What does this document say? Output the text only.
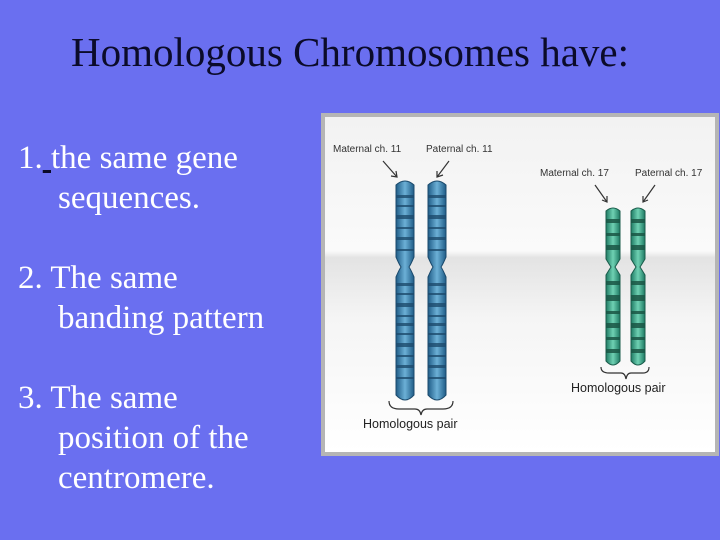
Homologous Chromosomes have:
1. the same gene
sequences.
2. The same
banding pattern
3. The same
position of the
centromere.
Maternal ch. 11 Paternal ch. 11
Maternal ch. 17	Paternal ch. 17
Homologous pair
Homologous pair
